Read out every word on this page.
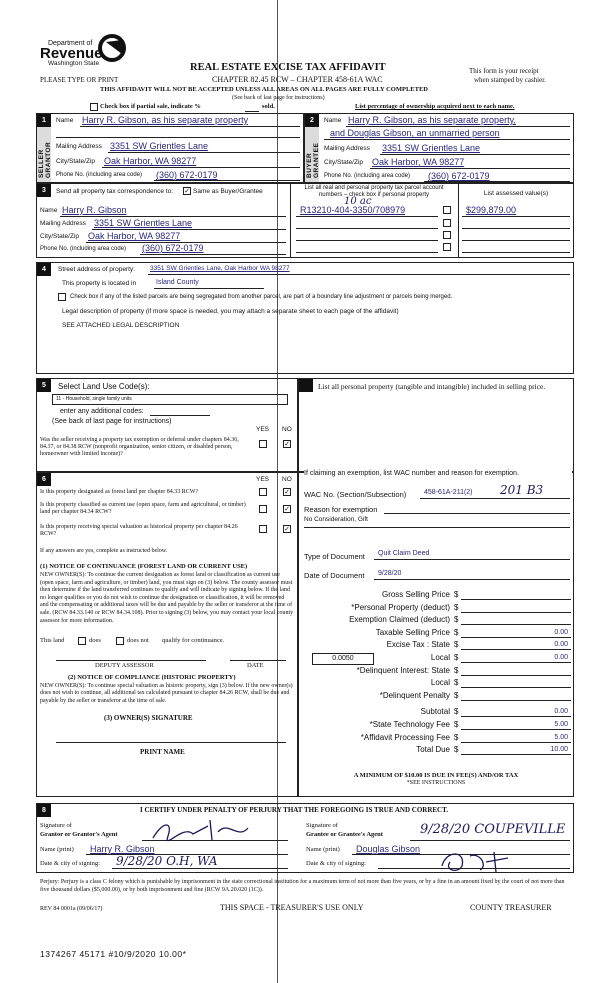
Department of
Revenue
Washington State
PLEASE TYPE OR PRINT
REAL ESTATE EXCISE TAX AFFIDAVIT
CHAPTER 82.45 RCW – CHAPTER 458-61A WAC
THIS AFFIDAVIT WILL NOT BE ACCEPTED UNLESS ALL AREAS ON ALL PAGES ARE FULLY COMPLETED
(See back of last page for instructions)
This form is your receipt
when stamped by cashier.
Check box if partial sale, indicate %	sold.	List percentage of ownership acquired next to each name.
1	2
SELLER GRANTOR	BUYER GRANTEE
Name Harry R. Gibson, as his separate property
Mailing Address 3351 SW Grientles Lane
City/State/Zip Oak Harbor, WA 98277
Phone No. (including area code) (360) 672-0179
Name Harry R. Gibson, as his separate property,
and Douglas Gibson, an unmarried person
Mailing Address 3351 SW Grientles Lane
City/State/Zip Oak Harbor, WA 98277
Phone No. (including area code) (360) 672-0179
3	Send all property tax correspondence to: ✓ Same as Buyer/Grantee
Name Harry R. Gibson
Mailing Address 3351 SW Grientles Lane
City/State/Zip Oak Harbor, WA 98277
Phone No. (including area code) (360) 672-0179
List all real and personal property tax parcel account
numbers – check box if personal property	List assessed value(s)
10 ac
R13210-404-3350/708979	$299,879.00
4	Street address of property: 3351 SW Grientles Lane, Oak Harbor WA 98277
This property is located in	Island County
Check box if any of the listed parcels are being segregated from another parcel, are part of a boundary line adjustment or parcels being merged.
Legal description of property (if more space is needed, you may attach a separate sheet to each page of the affidavit)
SEE ATTACHED LEGAL DESCRIPTION
5	Select Land Use Code(s):
11 - Household, single family units
enter any additional codes:
(See back of last page for instructions)
YES NO
Was the seller receiving a property tax exemption or deferral under chapters 84.36, 84.37, or 84.38 RCW (nonprofit organization, senior citizen, or disabled person, homeowner with limited income)?
✓
List all personal property (tangible and intangible) included in selling price.
6	YES NO
Is this property designated as forest land per chapter 84.33 RCW?	✓
Is this property classified as current use (open space, farm and agricultural, or timber) land per chapter 84.34 RCW?	✓
Is this property receiving special valuation as historical property per chapter 84.26 RCW?
✓
If any answers are yes, complete as instructed below.
(1) NOTICE OF CONTINUANCE (FOREST LAND OR CURRENT USE)
NEW OWNER(S): To continue the current designation as forest land or classification as current use (open space, farm and agriculture, or timber) land, you must sign on (3) below. The county assessor must then determine if the land transferred continues to qualify and will indicate by signing below. If the land no longer qualifies or you do not wish to continue the designation or classification, it will be removed and the compensating or additional taxes will be due and payable by the seller or transferor at the time of sale. (RCW 84.33.140 or RCW 84.34.108). Prior to signing (3) below, you may contact your local county assessor for more information.
This land	does	does not qualify for continuance.
DEPUTY ASSESSOR	DATE
(2) NOTICE OF COMPLIANCE (HISTORIC PROPERTY)
NEW OWNER(S): To continue special valuation as historic property, sign (3) below. If the new owner(s) does not wish to continue, all additional tax calculated pursuant to chapter 84.26 RCW, shall be due and payable by the seller or transferor at the time of sale.
(3) OWNER(S) SIGNATURE
PRINT NAME
If claiming an exemption, list WAC number and reason for exemption.
WAC No. (Section/Subsection)	458-61A-211(2) 201 B3
Reason for exemption
No Consideration, Gift
Type of Document Quit Claim Deed
Date of Document 9/28/20
Gross Selling Price $
*Personal Property (deduct) $
Exemption Claimed (deduct) $
Taxable Selling Price $	0.00
Excise Tax : State $	0.00
Local $	0.00
*Delinquent Interest: State $
Local $
*Delinquent Penalty $
Subtotal $	0.00
*State Technology Fee $	5.00
*Affidavit Processing Fee $	5.00
Total Due $	10.00
0.0050
A MINIMUM OF $10.00 IS DUE IN FEE(S) AND/OR TAX
*SEE INSTRUCTIONS
8	I CERTIFY UNDER PENALTY OF PERJURY THAT THE FOREGOING IS TRUE AND CORRECT.
Signature of
Grantor or Grantor's Agent
Name (print) Harry R. Gibson
Date & city of signing: 9/28/20 O.H, WA
Signature of
Grantee or Grantee's Agent	9/28/20 COUPEVILLE
Name (print) Douglas Gibson
Date & city of signing:
Perjury: Perjury is a class C felony which is punishable by imprisonment in the state correctional institution for a maximum term of not more than five years, or by a fine in an amount fixed by the court of not more than five thousand dollars ($5,000.00), or by both imprisonment and fine (RCW 9A.20.020 (1C)).
REV 84 0001a (09/06/17)	THIS SPACE - TREASURER'S USE ONLY	COUNTY TREASURER
1374267 45171 #10/9/2020 10.00*
